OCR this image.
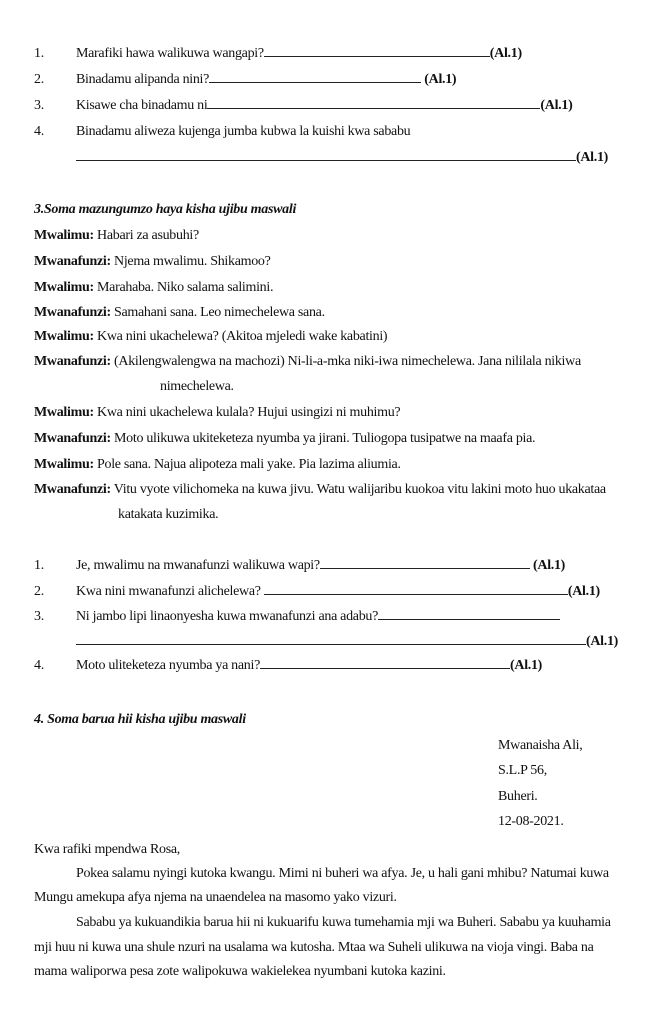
1. Marafiki hawa walikuwa wangapi?	(Al.1)
2. Binadamu alipanda nini?	(Al.1)
3. Kisawe cha binadamu ni	(Al.1)
4. Binadamu aliweza kujenga jumba kubwa la kuishi kwa sababu
(Al.1)
3.Soma mazungumzo haya kisha ujibu maswali
Mwalimu: Habari za asubuhi?
Mwanafunzi: Njema mwalimu. Shikamoo?
Mwalimu: Marahaba. Niko salama salimini.
Mwanafunzi: Samahani sana. Leo nimechelewa sana.
Mwalimu: Kwa nini ukachelewa? (Akitoa mjeledi wake kabatini)
Mwanafunzi: (Akilengwalengwa na machozi) Ni-li-a-mka niki-iwa nimechelewa. Jana nililala nikiwa
nimechelewa.
Mwalimu: Kwa nini ukachelewa kulala? Hujui usingizi ni muhimu?
Mwanafunzi: Moto ulikuwa ukiteketeza nyumba ya jirani. Tuliogopa tusipatwe na maafa pia.
Mwalimu: Pole sana. Najua alipoteza mali yake. Pia lazima aliumia.
Mwanafunzi: Vitu vyote vilichomeka na kuwa jivu. Watu walijaribu kuokoa vitu lakini moto huo ukakataa
katakata kuzimika.
1. Je, mwalimu na mwanafunzi walikuwa wapi?	(Al.1)
2. Kwa nini mwanafunzi alichelewa?	(Al.1)
3. Ni jambo lipi linaonyesha kuwa mwanafunzi ana adabu?
(Al.1)
4. Moto uliteketeza nyumba ya nani?	(Al.1)
4. Soma barua hii kisha ujibu maswali
Mwanaisha Ali,
S.L.P 56,
Buheri.
12-08-2021.
Kwa rafiki mpendwa Rosa,
Pokea salamu nyingi kutoka kwangu. Mimi ni buheri wa afya. Je, u hali gani mhibu? Natumai kuwa
Mungu amekupa afya njema na unaendelea na masomo yako vizuri.
Sababu ya kukuandikia barua hii ni kukuarifu kuwa tumehamia mji wa Buheri. Sababu ya kuuhamia
mji huu ni kuwa una shule nzuri na usalama wa kutosha. Mtaa wa Suheli ulikuwa na vioja vingi. Baba na
mama waliporwa pesa zote walipokuwa wakielekea nyumbani kutoka kazini.
